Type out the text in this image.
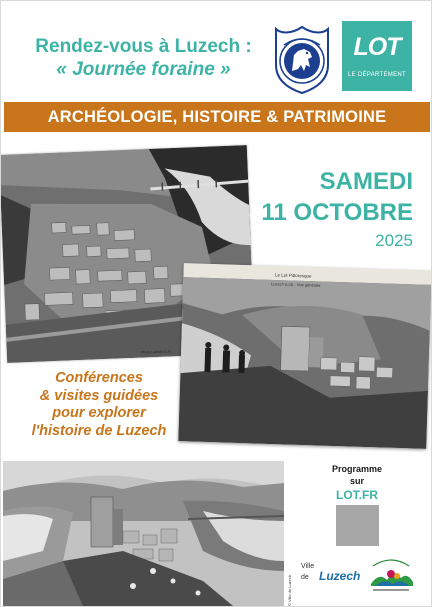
Rendez-vous à Luzech :
« Journée foraine »
LOT
LE DÉPARTEMENT
ARCHÉOLOGIE, HISTOIRE & PATRIMOINE
Photo Luzech (Lot)
SAMEDI
11 OCTOBRE
2025
Le Lot Pittoresque
Luzech (Lot) - Vue générale
Conférences
& visites guidées
pour explorer
l'histoire de Luzech
© Ville de Luzech
Programme
sur
LOT.FR
Ville
de Luzech
